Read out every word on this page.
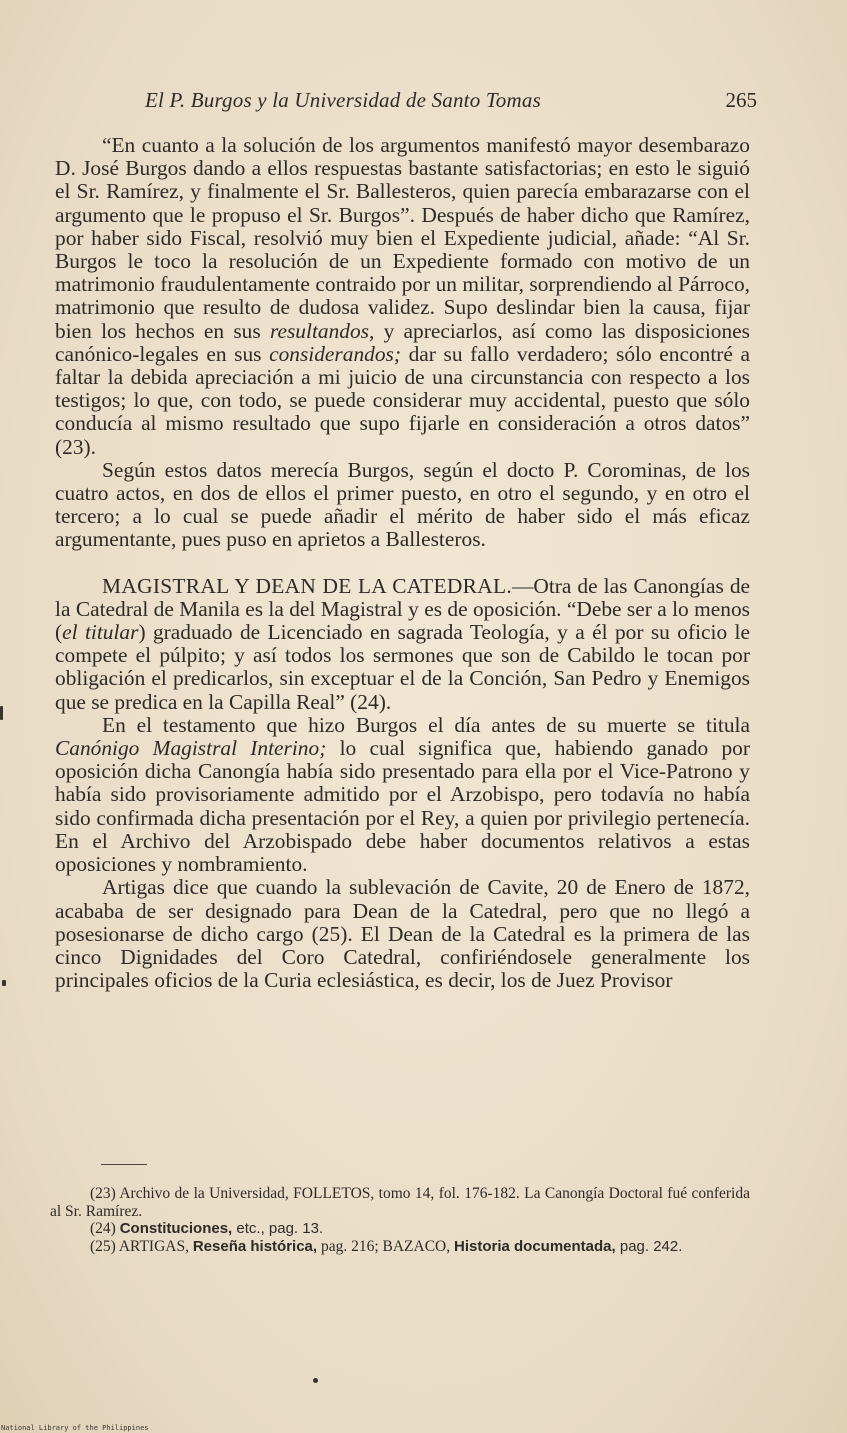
El P. Burgos y la Universidad de Santo Tomas	265

“En cuanto a la solución de los argumentos manifestó mayor desembarazo D. José Burgos dando a ellos respuestas bastante satisfactorias; en esto le siguió el Sr. Ramírez, y finalmente el Sr. Ballesteros, quien parecía embarazarse con el argumento que le propuso el Sr. Burgos”. Después de haber dicho que Ramírez, por haber sido Fiscal, resolvió muy bien el Expediente judicial, añade: “Al Sr. Burgos le toco la resolución de un Expediente formado con motivo de un matrimonio fraudulentamente contraido por un militar, sorprendiendo al Párroco, matrimonio que resulto de dudosa validez. Supo deslindar bien la causa, fijar bien los hechos en sus resultandos, y apreciarlos, así como las disposiciones canónico-legales en sus considerandos; dar su fallo verdadero; sólo encontré a faltar la debida apreciación a mi juicio de una circunstancia con respecto a los testigos; lo que, con todo, se puede considerar muy accidental, puesto que sólo conducía al mismo resultado que supo fijarle en consideración a otros datos” (23).

Según estos datos merecía Burgos, según el docto P. Corominas, de los cuatro actos, en dos de ellos el primer puesto, en otro el segundo, y en otro el tercero; a lo cual se puede añadir el mérito de haber sido el más eficaz argumentante, pues puso en aprietos a Ballesteros.

MAGISTRAL Y DEAN DE LA CATEDRAL.—Otra de las Canongías de la Catedral de Manila es la del Magistral y es de oposición. “Debe ser a lo menos (el titular) graduado de Licenciado en sagrada Teología, y a él por su oficio le compete el púlpito; y así todos los sermones que son de Cabildo le tocan por obligación el predicarlos, sin exceptuar el de la Conción, San Pedro y Enemigos que se predica en la Capilla Real” (24).

En el testamento que hizo Burgos el día antes de su muerte se titula Canónigo Magistral Interino; lo cual significa que, habiendo ganado por oposición dicha Canongía había sido presentado para ella por el Vice-Patrono y había sido provisoriamente admitido por el Arzobispo, pero todavía no había sido confirmada dicha presentación por el Rey, a quien por privilegio pertenecía. En el Archivo del Arzobispado debe haber documentos relativos a estas oposiciones y nombramiento.

Artigas dice que cuando la sublevación de Cavite, 20 de Enero de 1872, acababa de ser designado para Dean de la Catedral, pero que no llegó a posesionarse de dicho cargo (25). El Dean de la Catedral es la primera de las cinco Dignidades del Coro Catedral, confiriéndosele generalmente los principales oficios de la Curia eclesiástica, es decir, los de Juez Provisor

(23) Archivo de la Universidad, FOLLETOS, tomo 14, fol. 176-182. La Canongía Doctoral fué conferida al Sr. Ramírez.

(24) Constituciones, etc., pag. 13.

(25) ARTIGAS, Reseña histórica, pag. 216; BAZACO, Historia documentada, pag. 242.

National Library of the Philippines
